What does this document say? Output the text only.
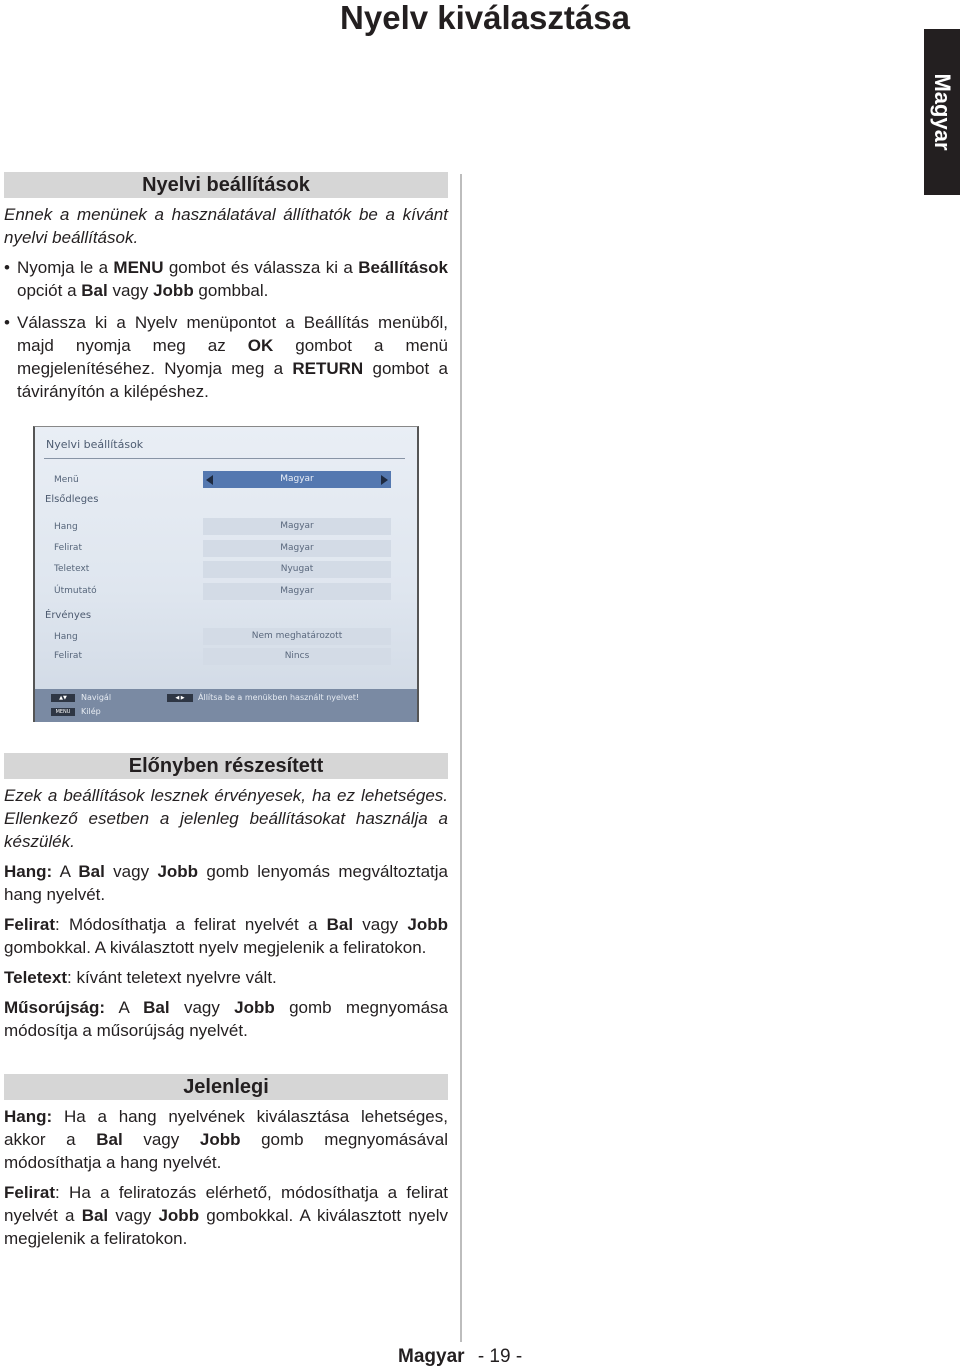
Nyelv kiválasztása
Magyar
Nyelvi beállítások

Ennek a menünek a használatával állíthatók be a kívánt nyelvi beállítások.

• Nyomja le a MENU gombot és válassza ki a Beállítások opciót a Bal vagy Jobb gombbal.

• Válassza ki a Nyelv menüpontot a Beállítás menüből, majd nyomja meg az OK gombot a menü megjelenítéséhez. Nyomja meg a RETURN gombot a távirányítón a kilépéshez.

Nyelvi beállítások
Menü	Magyar
Elsődleges
Hang	Magyar
Felirat	Magyar
Teletext	Nyugat
Útmutató	Magyar
Érvényes
Hang	Nem meghatározott
Felirat	Nincs
▲▼	Navigál
MENU	Kilép
◀ ▶	Állítsa be a menükben használt nyelvet!
Előnyben részesített

Ezek a beállítások lesznek érvényesek, ha ez lehetséges. Ellenkező esetben a jelenleg beállításokat használja a készülék.

Hang: A Bal vagy Jobb gomb lenyomás megváltoztatja hang nyelvét.

Felirat: Módosíthatja a felirat nyelvét a Bal vagy Jobb gombokkal. A kiválasztott nyelv megjelenik a feliratokon.

Teletext: kívánt teletext nyelvre vált.

Műsorújság: A Bal vagy Jobb gomb megnyomása módosítja a műsorújság nyelvét.

Jelenlegi

Hang: Ha a hang nyelvének kiválasztása lehetséges, akkor a Bal vagy Jobb gomb megnyomásával módosíthatja a hang nyelvét.

Felirat: Ha a feliratozás elérhető, módosíthatja a felirat nyelvét a Bal vagy Jobb gombokkal. A kiválasztott nyelv megjelenik a feliratokon.

Magyar - 19 -
